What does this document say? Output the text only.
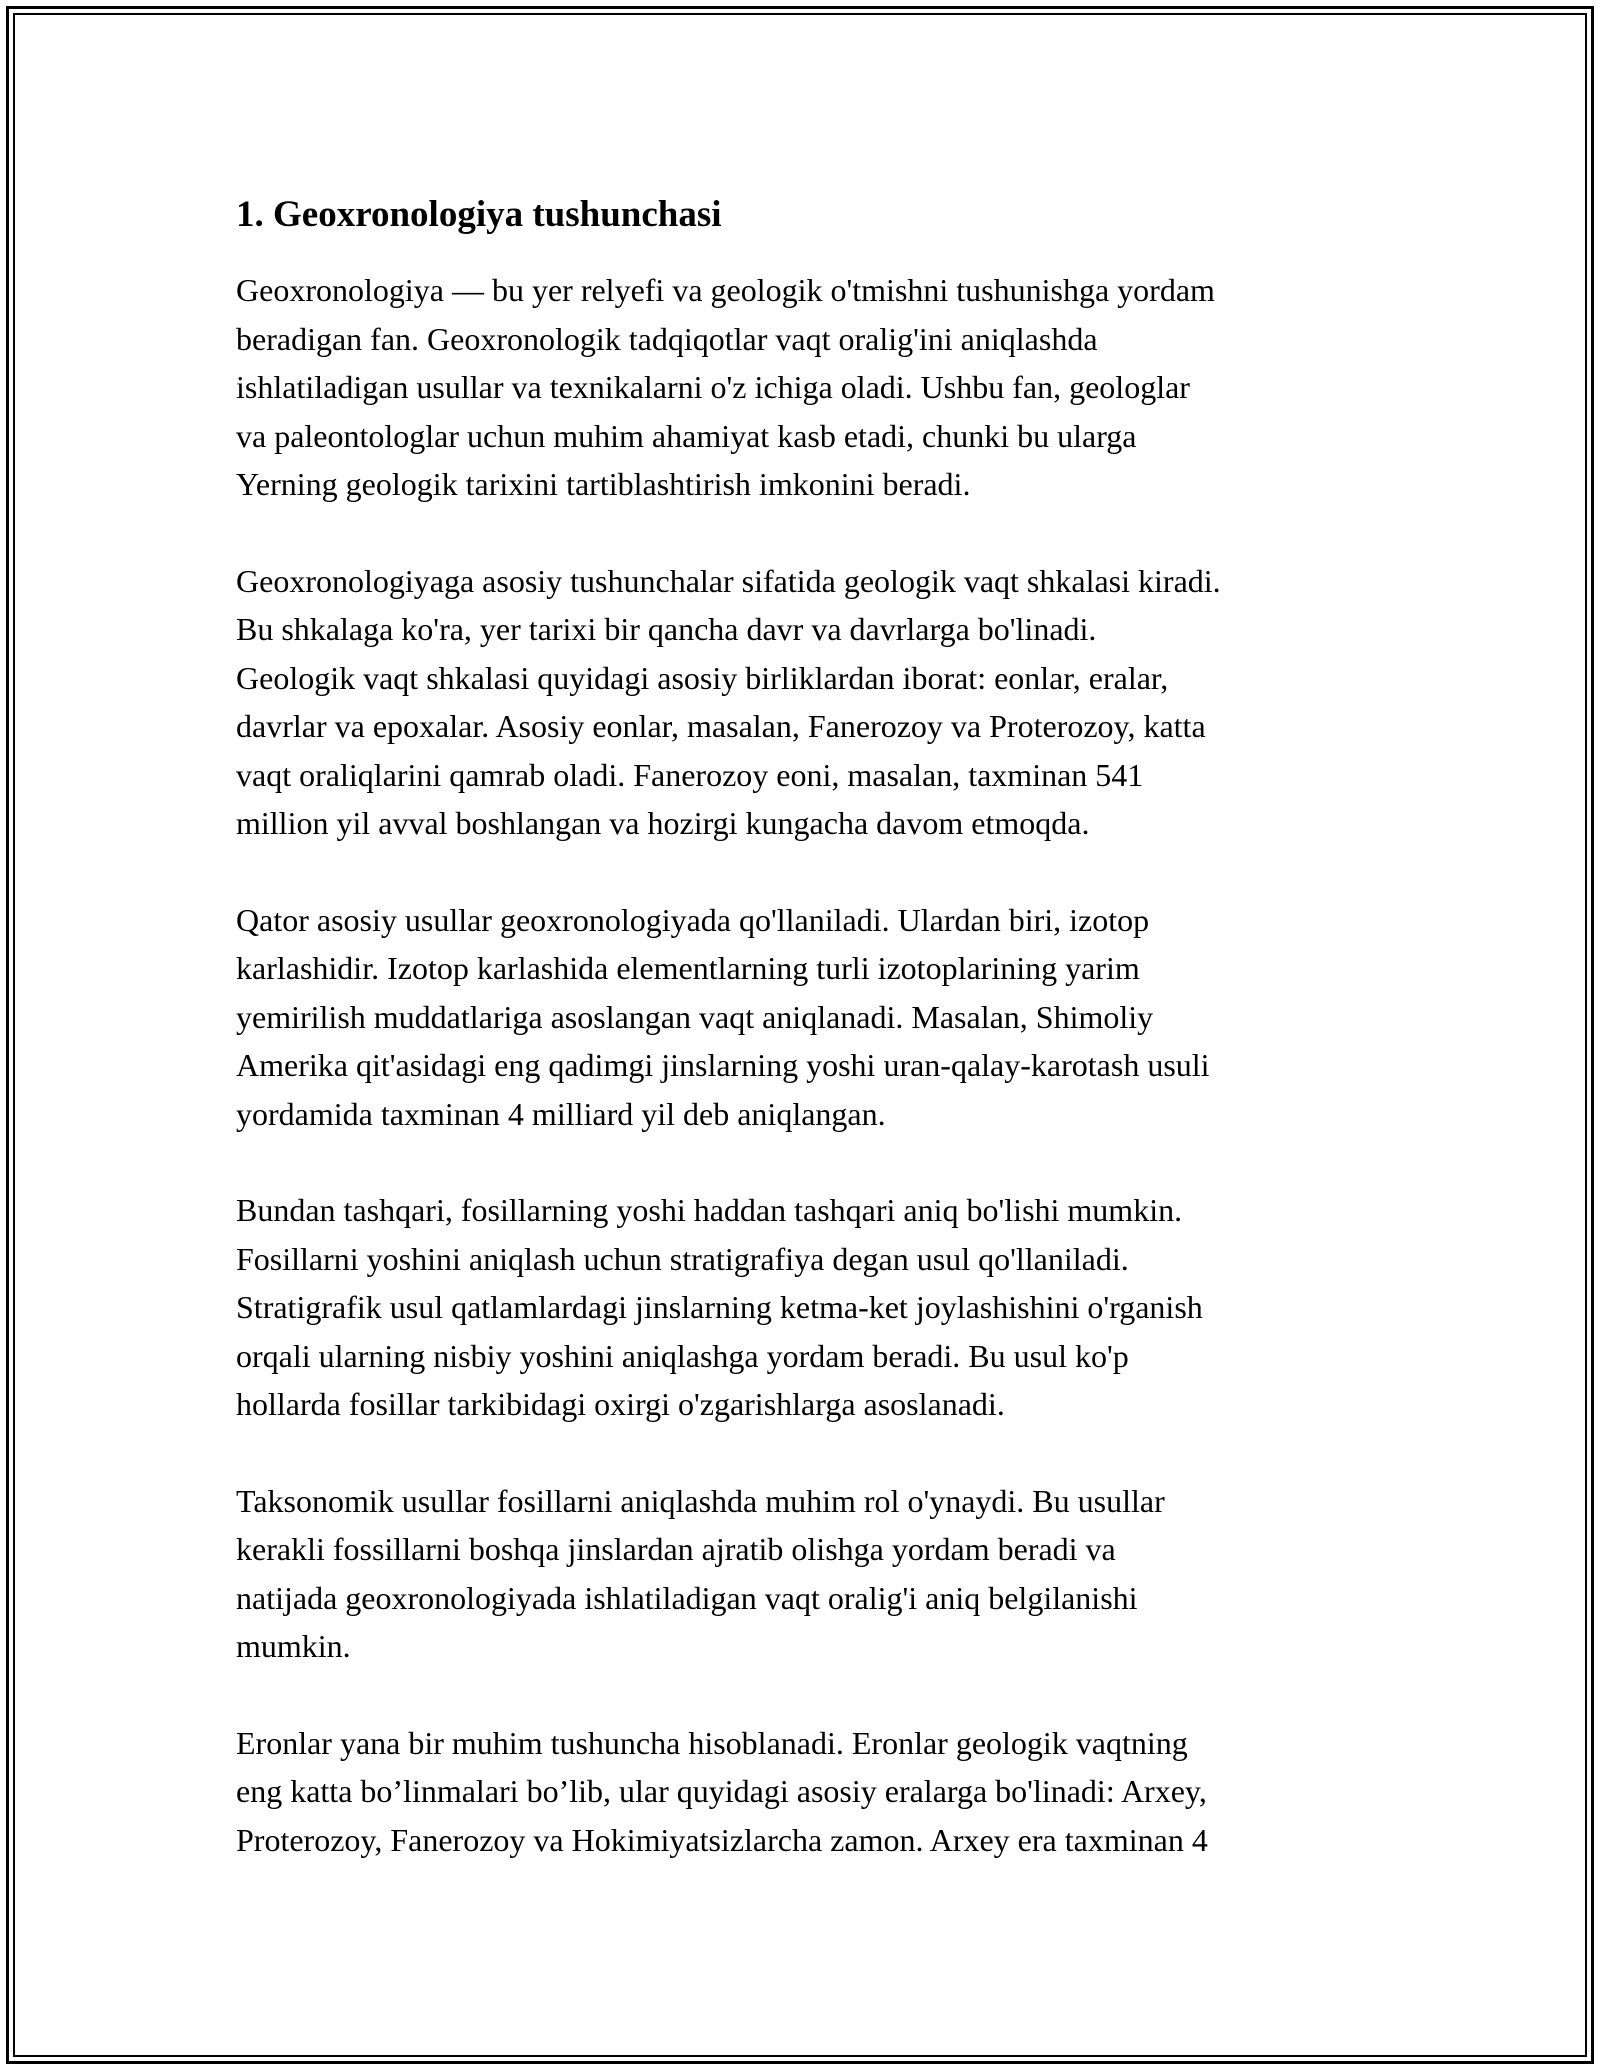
1. Geoxronologiya tushunchasi

Geoxronologiya — bu yer relyefi va geologik o'tmishni tushunishga yordam
beradigan fan. Geoxronologik tadqiqotlar vaqt oralig'ini aniqlashda
ishlatiladigan usullar va texnikalarni o'z ichiga oladi. Ushbu fan, geologlar
va paleontologlar uchun muhim ahamiyat kasb etadi, chunki bu ularga
Yerning geologik tarixini tartiblashtirish imkonini beradi.

Geoxronologiyaga asosiy tushunchalar sifatida geologik vaqt shkalasi kiradi.
Bu shkalaga ko'ra, yer tarixi bir qancha davr va davrlarga bo'linadi.
Geologik vaqt shkalasi quyidagi asosiy birliklardan iborat: eonlar, eralar,
davrlar va epoxalar. Asosiy eonlar, masalan, Fanerozoy va Proterozoy, katta
vaqt oraliqlarini qamrab oladi. Fanerozoy eoni, masalan, taxminan 541
million yil avval boshlangan va hozirgi kungacha davom etmoqda.

Qator asosiy usullar geoxronologiyada qo'llaniladi. Ulardan biri, izotop
karlashidir. Izotop karlashida elementlarning turli izotoplarining yarim
yemirilish muddatlariga asoslangan vaqt aniqlanadi. Masalan, Shimoliy
Amerika qit'asidagi eng qadimgi jinslarning yoshi uran-qalay-karotash usuli
yordamida taxminan 4 milliard yil deb aniqlangan.

Bundan tashqari, fosillarning yoshi haddan tashqari aniq bo'lishi mumkin.
Fosillarni yoshini aniqlash uchun stratigrafiya degan usul qo'llaniladi.
Stratigrafik usul qatlamlardagi jinslarning ketma-ket joylashishini o'rganish
orqali ularning nisbiy yoshini aniqlashga yordam beradi. Bu usul ko'p
hollarda fosillar tarkibidagi oxirgi o'zgarishlarga asoslanadi.

Taksonomik usullar fosillarni aniqlashda muhim rol o'ynaydi. Bu usullar
kerakli fossillarni boshqa jinslardan ajratib olishga yordam beradi va
natijada geoxronologiyada ishlatiladigan vaqt oralig'i aniq belgilanishi
mumkin.

Eronlar yana bir muhim tushuncha hisoblanadi. Eronlar geologik vaqtning
eng katta bo’linmalari bo’lib, ular quyidagi asosiy eralarga bo'linadi: Arxey,
Proterozoy, Fanerozoy va Hokimiyatsizlarcha zamon. Arxey era taxminan 4
